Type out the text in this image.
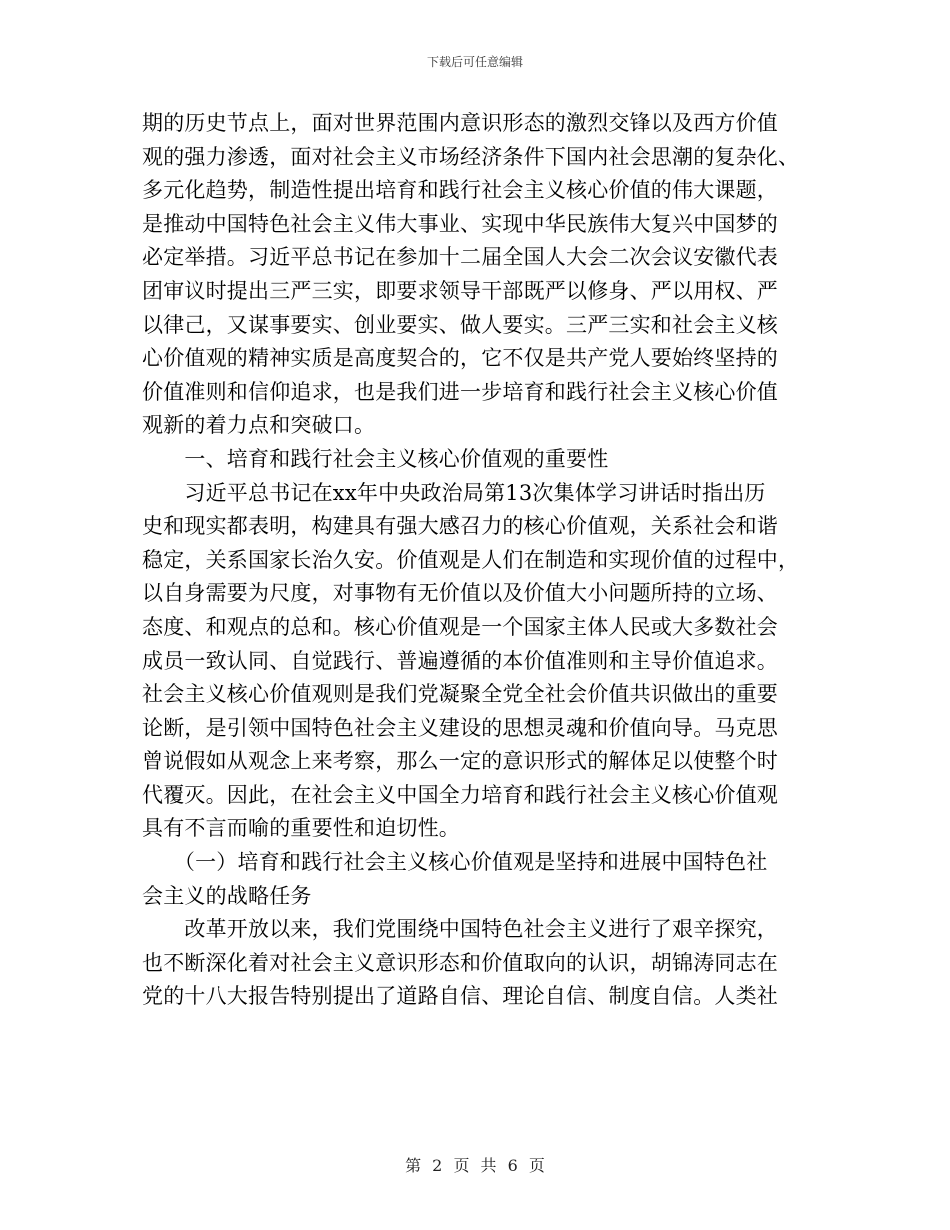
下载后可任意编辑
期的历史节点上，面对世界范围内意识形态的激烈交锋以及西方价值
观的强力渗透，面对社会主义市场经济条件下国内社会思潮的复杂化、
多元化趋势，制造性提出培育和践行社会主义核心价值的伟大课题，
是推动中国特色社会主义伟大事业、实现中华民族伟大复兴中国梦的
必定举措。习近平总书记在参加十二届全国人大会二次会议安徽代表
团审议时提出三严三实，即要求领导干部既严以修身、严以用权、严
以律己，又谋事要实、创业要实、做人要实。三严三实和社会主义核
心价值观的精神实质是高度契合的，它不仅是共产党人要始终坚持的
价值准则和信仰追求，也是我们进一步培育和践行社会主义核心价值
观新的着力点和突破口。
　　一、培育和践行社会主义核心价值观的重要性
　　习近平总书记在xx年中央政治局第13次集体学习讲话时指出历
史和现实都表明，构建具有强大感召力的核心价值观，关系社会和谐
稳定，关系国家长治久安。价值观是人们在制造和实现价值的过程中，
以自身需要为尺度，对事物有无价值以及价值大小问题所持的立场、
态度、和观点的总和。核心价值观是一个国家主体人民或大多数社会
成员一致认同、自觉践行、普遍遵循的本价值准则和主导价值追求。
社会主义核心价值观则是我们党凝聚全党全社会价值共识做出的重要
论断，是引领中国特色社会主义建设的思想灵魂和价值向导。马克思
曾说假如从观念上来考察，那么一定的意识形式的解体足以使整个时
代覆灭。因此，在社会主义中国全力培育和践行社会主义核心价值观
具有不言而喻的重要性和迫切性。
　　（一）培育和践行社会主义核心价值观是坚持和进展中国特色社
会主义的战略任务
　　改革开放以来，我们党围绕中国特色社会主义进行了艰辛探究，
也不断深化着对社会主义意识形态和价值取向的认识，胡锦涛同志在
党的十八大报告特别提出了道路自信、理论自信、制度自信。人类社
第 2 页 共 6 页
